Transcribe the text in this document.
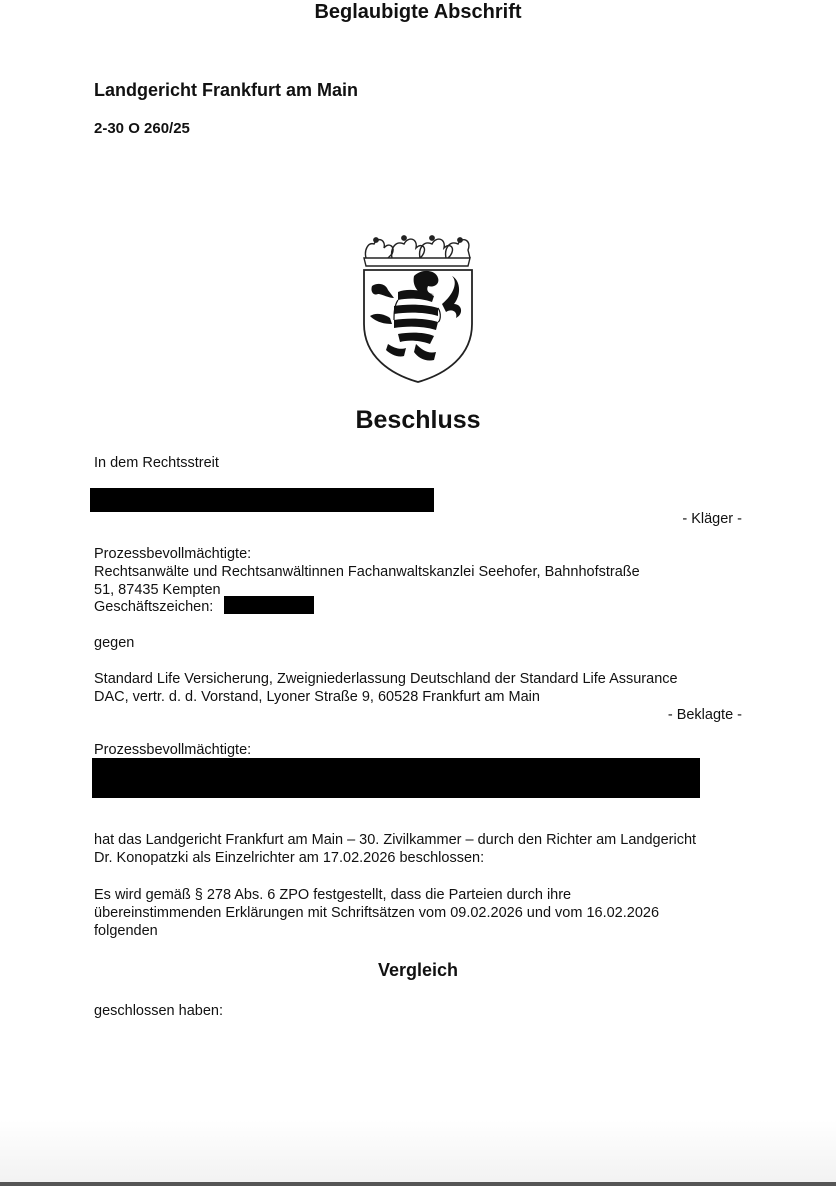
Beglaubigte Abschrift
Landgericht Frankfurt am Main
2-30 O 260/25
Beschluss
In dem Rechtsstreit
- Kläger -
Prozessbevollmächtigte:
Rechtsanwälte und Rechtsanwältinnen Fachanwaltskanzlei Seehofer, Bahnhofstraße
51, 87435 Kempten
Geschäftszeichen:
gegen
Standard Life Versicherung, Zweigniederlassung Deutschland der Standard Life Assurance
DAC, vertr. d. d. Vorstand, Lyoner Straße 9, 60528 Frankfurt am Main
- Beklagte -
Prozessbevollmächtigte:
hat das Landgericht Frankfurt am Main – 30. Zivilkammer – durch den Richter am Landgericht
Dr. Konopatzki als Einzelrichter am 17.02.2026 beschlossen:
Es wird gemäß § 278 Abs. 6 ZPO festgestellt, dass die Parteien durch ihre
übereinstimmenden Erklärungen mit Schriftsätzen vom 09.02.2026 und vom 16.02.2026
folgenden
Vergleich
geschlossen haben:
